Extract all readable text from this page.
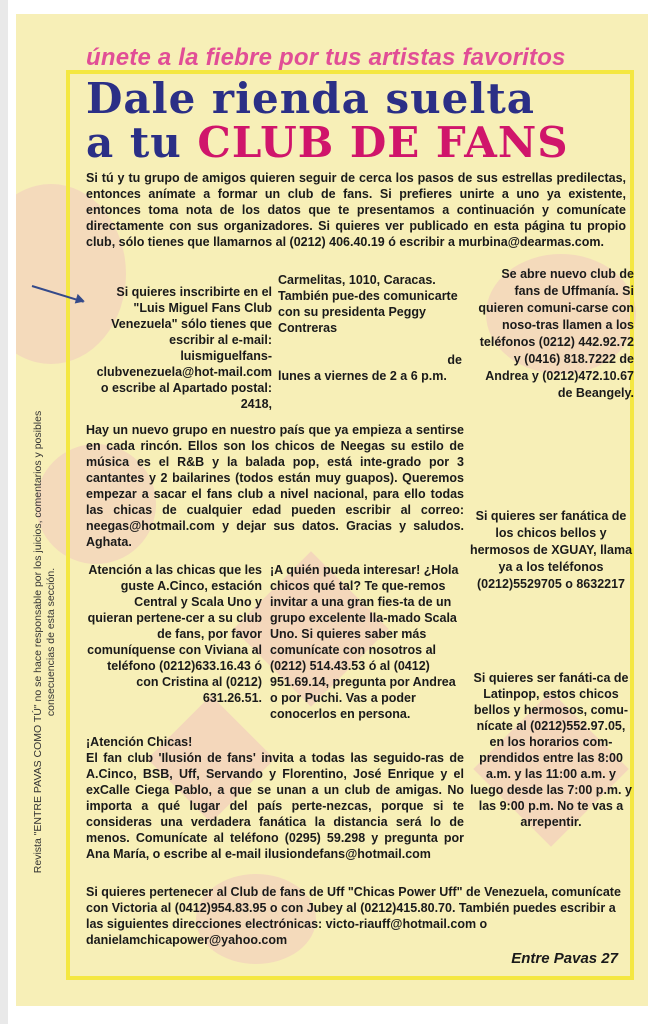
únete a la fiebre por tus artistas favoritos
Dale rienda suelta
a tu CLUB DE FANS
Si tú y tu grupo de amigos quieren seguir de cerca los pasos de sus estrellas predilectas, entonces anímate a formar un club de fans. Si prefieres unirte a uno ya existente, entonces toma nota de los datos que te presentamos a continuación y comunícate directamente con sus organizadores. Si quieres ver publicado en esta página tu propio club, sólo tienes que llamarnos al (0212) 406.40.19 ó escribir a murbina@dearmas.com.
Si quieres inscribirte en el "Luis Miguel Fans Club Venezuela" sólo tienes que escribir al e-mail: luismiguelfans-clubvenezuela@hot-mail.com o escribe al Apartado postal: 2418,
Carmelitas, 1010, Caracas. También pue-des comunicarte con su presidenta Peggy Contreras
de
lunes a viernes de 2 a 6 p.m.
Se abre nuevo club de fans de Uffmanía. Si quieren comuni-carse con noso-tras llamen a los teléfonos (0212) 442.92.72 y (0416) 818.7222 de Andrea y (0212)472.10.67 de Beangely.
Hay un nuevo grupo en nuestro país que ya empieza a sentirse en cada rincón. Ellos son los chicos de Neegas su estilo de música es el R&B y la balada pop, está inte-grado por 3 cantantes y 2 bailarines (todos están muy guapos). Queremos empezar a sacar el fans club a nivel nacional, para ello todas las chicas de cualquier edad pueden escribir al correo: neegas@hotmail.com y dejar sus datos. Gracias y saludos. Aghata.
Si quieres ser fanática de los chicos bellos y hermosos de XGUAY, llama ya a los teléfonos (0212)5529705 o 8632217
Atención a las chicas que les guste A.Cinco, estación Central y Scala Uno y quieran pertene-cer a su club de fans, por favor comuníquense con Viviana al teléfono (0212)633.16.43 ó con Cristina al (0212) 631.26.51.
¡A quién pueda interesar! ¿Hola chicos qué tal? Te que-remos invitar a una gran fies-ta de un grupo excelente lla-mado Scala Uno. Si quieres saber más comunícate con nosotros al (0212) 514.43.53 ó al (0412) 951.69.14, pregunta por Andrea o por Puchi. Vas a poder conocerlos en persona.
Si quieres ser fanáti-ca de Latinpop, estos chicos bellos y hermosos, comu-nícate al (0212)552.97.05, en los horarios com-prendidos entre las 8:00 a.m. y las 11:00 a.m. y luego desde las 7:00 p.m. y las 9:00 p.m. No te vas a arrepentir.
¡Atención Chicas!
El fan club 'Ilusión de fans' invita a todas las seguido-ras de A.Cinco, BSB, Uff, Servando y Florentino, José Enrique y el exCalle Ciega Pablo, a que se unan a un club de amigas. No importa a qué lugar del país perte-nezcas, porque si te consideras una verdadera fanática la distancia será lo de menos. Comunícate al teléfono (0295) 59.298 y pregunta por Ana María, o escribe al e-mail ilusiondefans@hotmail.com
Si quieres pertenecer al Club de fans de Uff "Chicas Power Uff" de Venezuela, comunícate con Victoria al (0412)954.83.95 o con Jubey al (0212)415.80.70. También puedes escribir a las siguientes direcciones electrónicas: victo-riauff@hotmail.com o danielamchicapower@yahoo.com
Revista "ENTRE PAVAS COMO TÚ" no se hace responsable por los juicios, comentarios y posibles consecuencias de esta sección.
Entre Pavas 27
